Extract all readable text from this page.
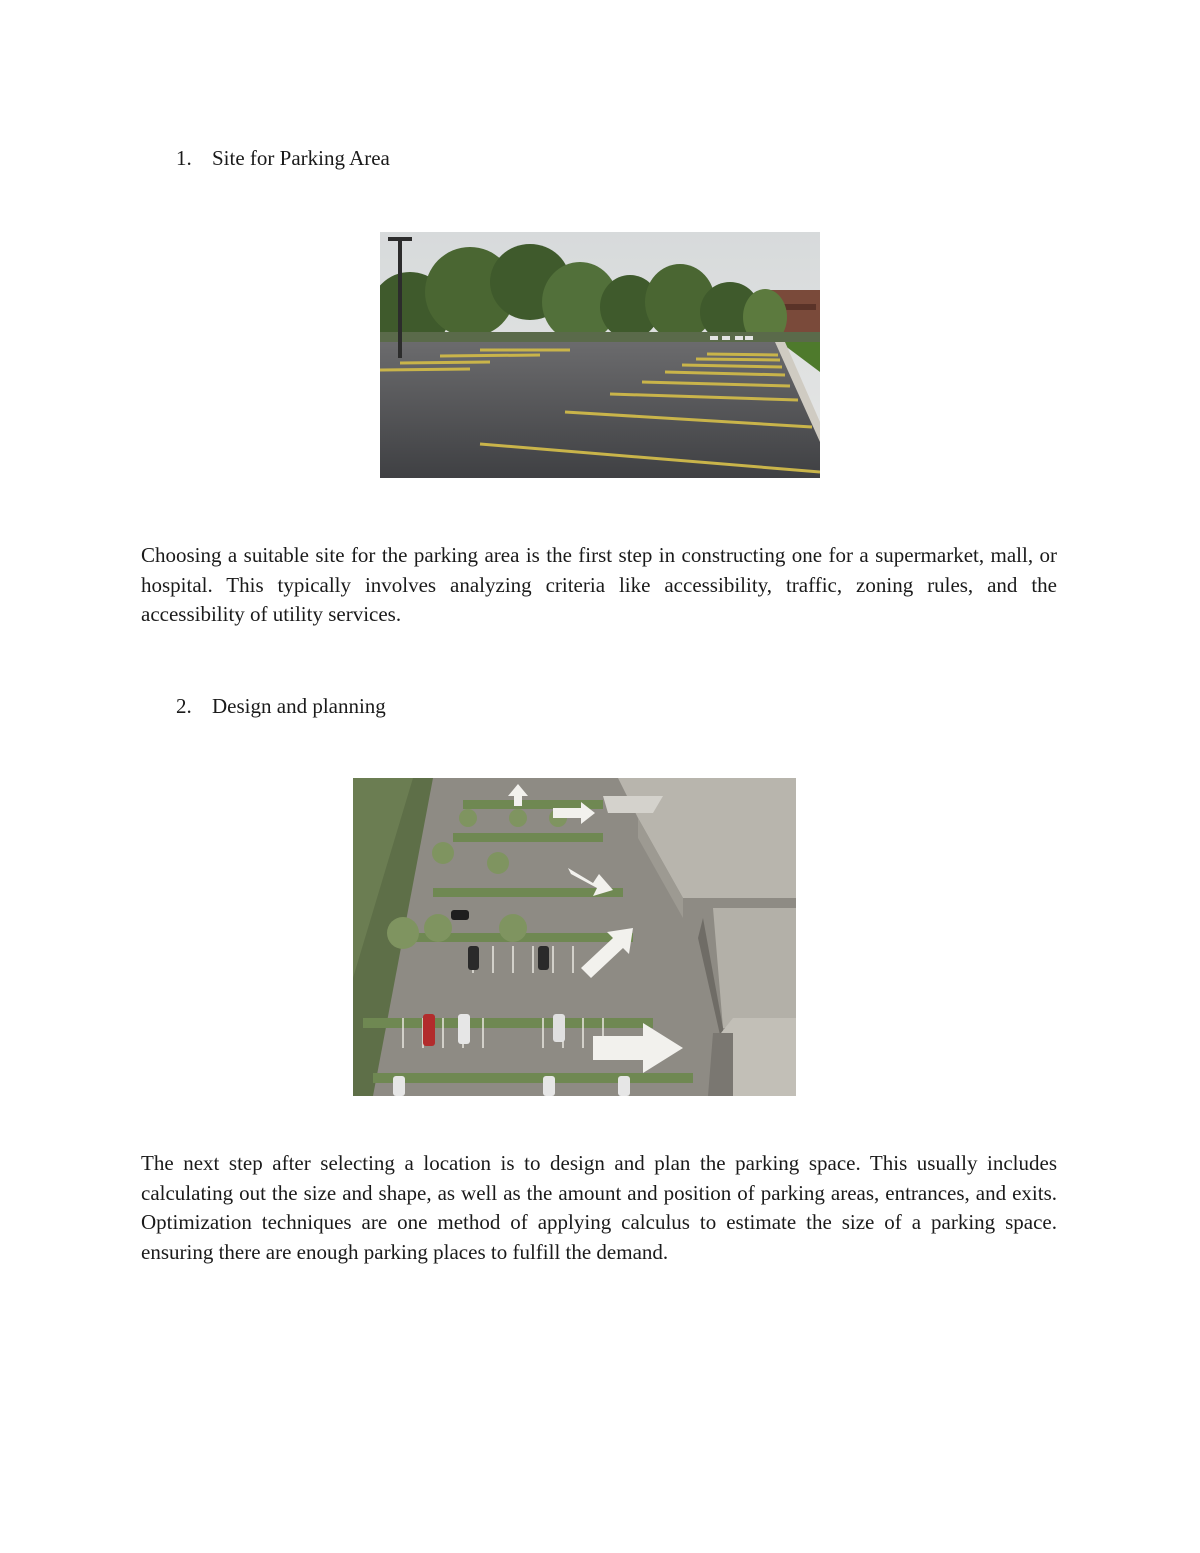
1. Site for Parking Area

Choosing a suitable site for the parking area is the first step in constructing one for a supermarket, mall, or hospital. This typically involves analyzing criteria like accessibility, traffic, zoning rules, and the accessibility of utility services.

2. Design and planning

The next step after selecting a location is to design and plan the parking space. This usually includes calculating out the size and shape, as well as the amount and position of parking areas, entrances, and exits. Optimization techniques are one method of applying calculus to estimate the size of a parking space. ensuring there are enough parking places to fulfill the demand.
